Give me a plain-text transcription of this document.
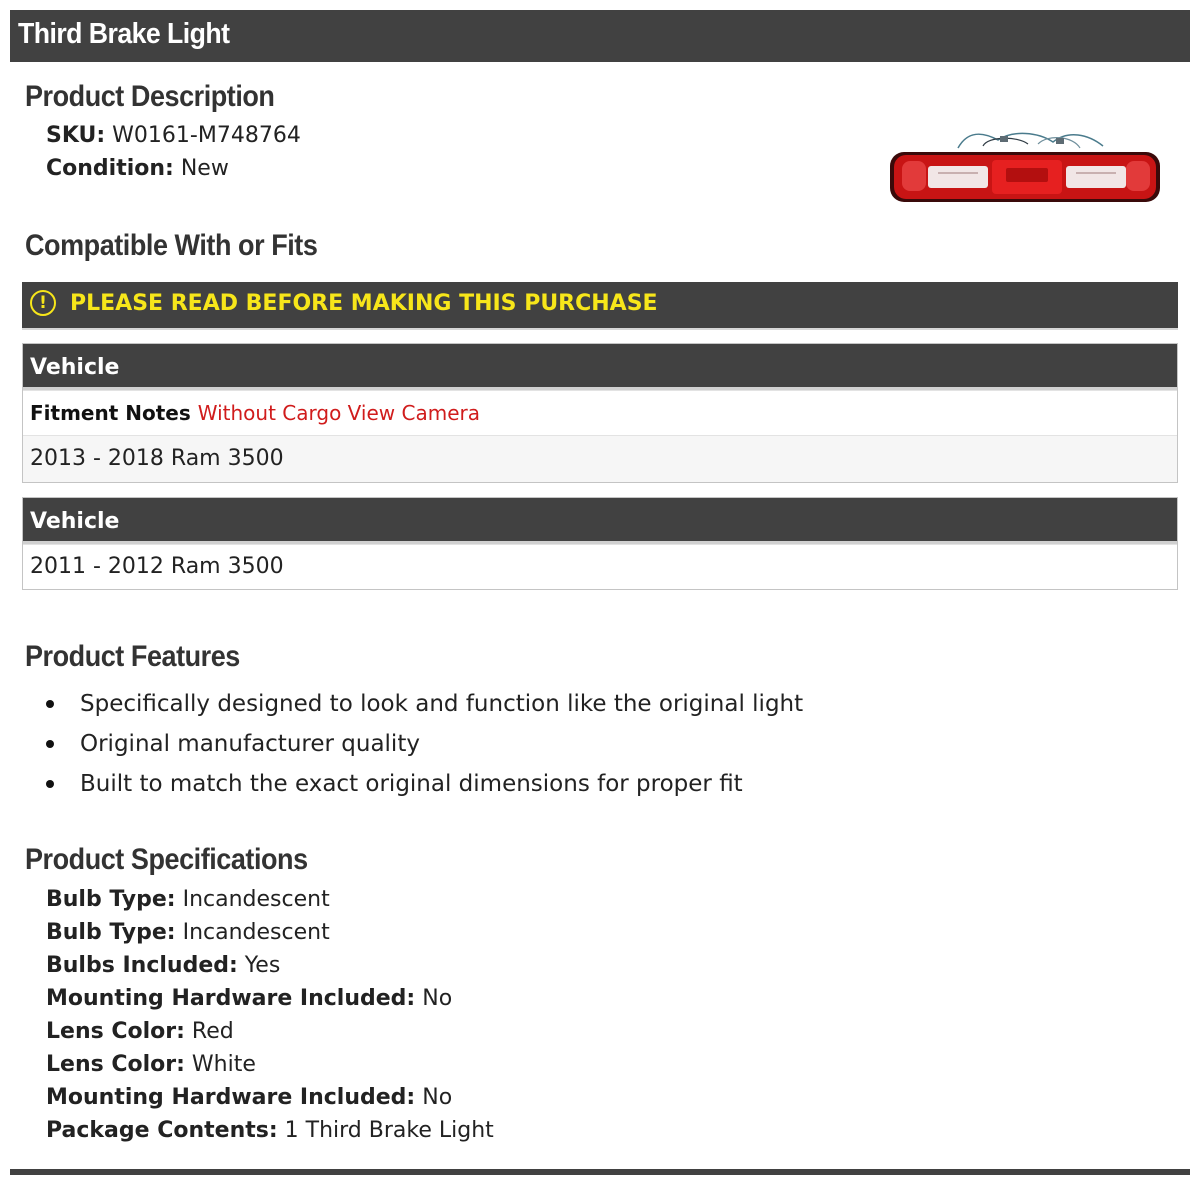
Third Brake Light
Product Description
SKU: W0161-M748764
Condition: New
Compatible With or Fits
!	PLEASE READ BEFORE MAKING THIS PURCHASE
Vehicle
Fitment Notes Without Cargo View Camera
2013 - 2018 Ram 3500
Vehicle
2011 - 2012 Ram 3500
Product Features
Specifically designed to look and function like the original light
Original manufacturer quality
Built to match the exact original dimensions for proper fit
Product Specifications
Bulb Type: Incandescent
Bulb Type: Incandescent
Bulbs Included: Yes
Mounting Hardware Included: No
Lens Color: Red
Lens Color: White
Mounting Hardware Included: No
Package Contents: 1 Third Brake Light
